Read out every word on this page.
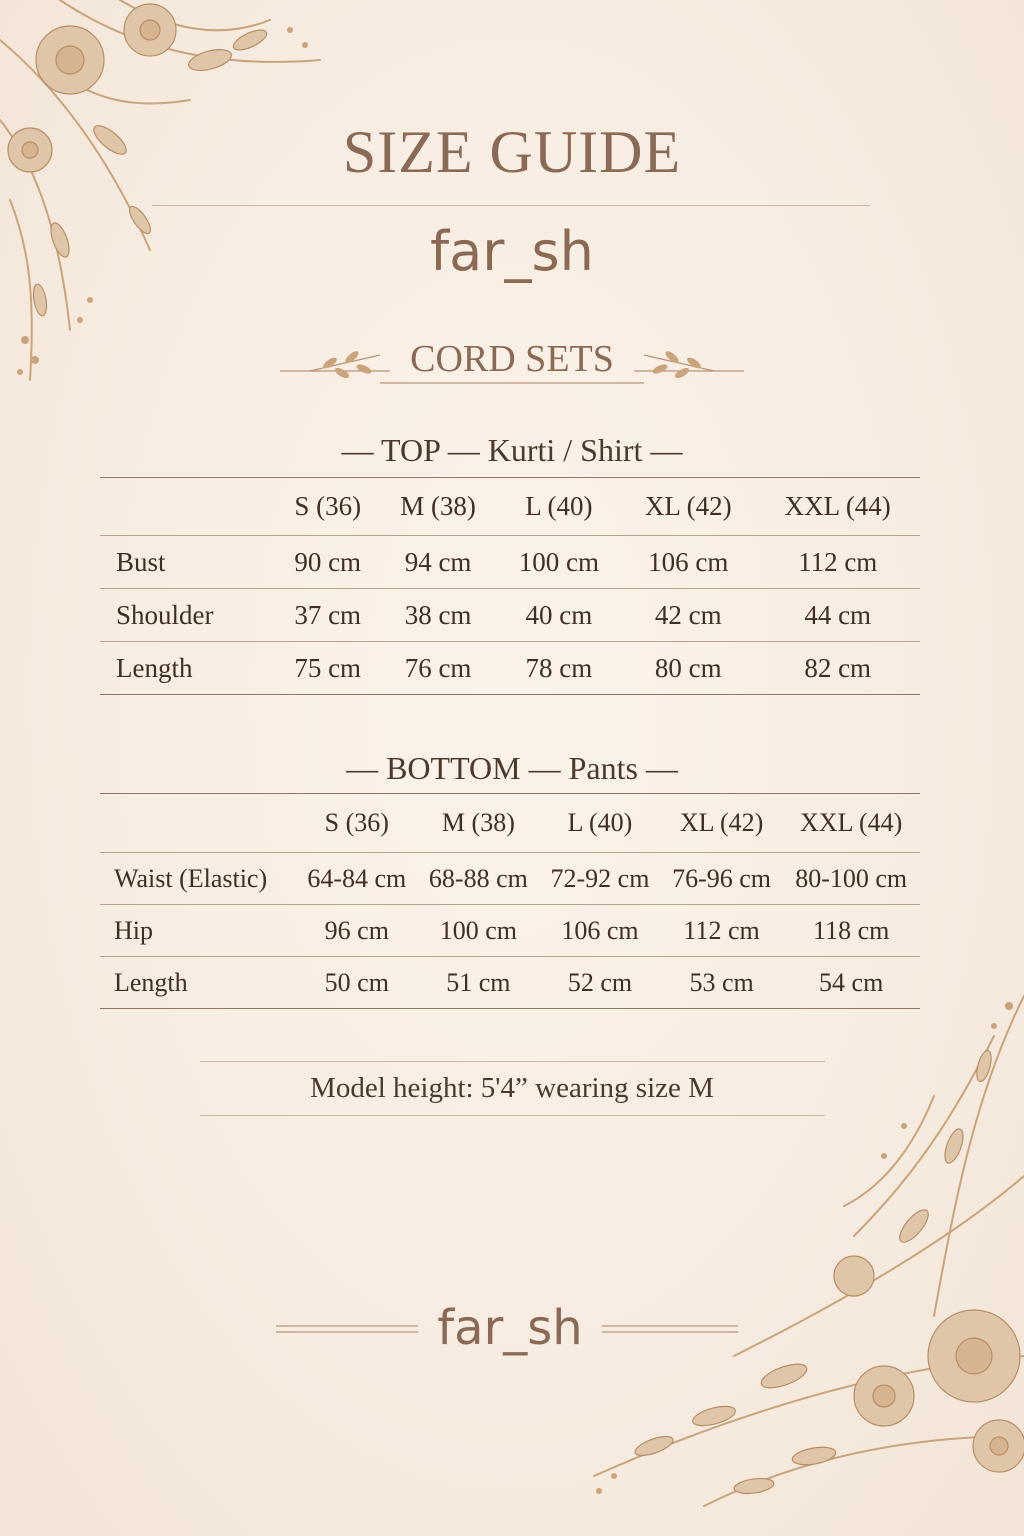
SIZE GUIDE
far_sh
CORD SETS
— TOP — Kurti / Shirt —
	S (36)	M (38)	L (40)	XL (42)	XXL (44)
Bust	90 cm	94 cm	100 cm	106 cm	112 cm
Shoulder	37 cm	38 cm	40 cm	42 cm	44 cm
Length	75 cm	76 cm	78 cm	80 cm	82 cm
— BOTTOM — Pants —
	S (36)	M (38)	L (40)	XL (42)	XXL (44)
Waist (Elastic)	64-84 cm	68-88 cm	72-92 cm	76-96 cm	80-100 cm
Hip	96 cm	100 cm	106 cm	112 cm	118 cm
Length	50 cm	51 cm	52 cm	53 cm	54 cm
Model height: 5'4” wearing size M
far_sh
